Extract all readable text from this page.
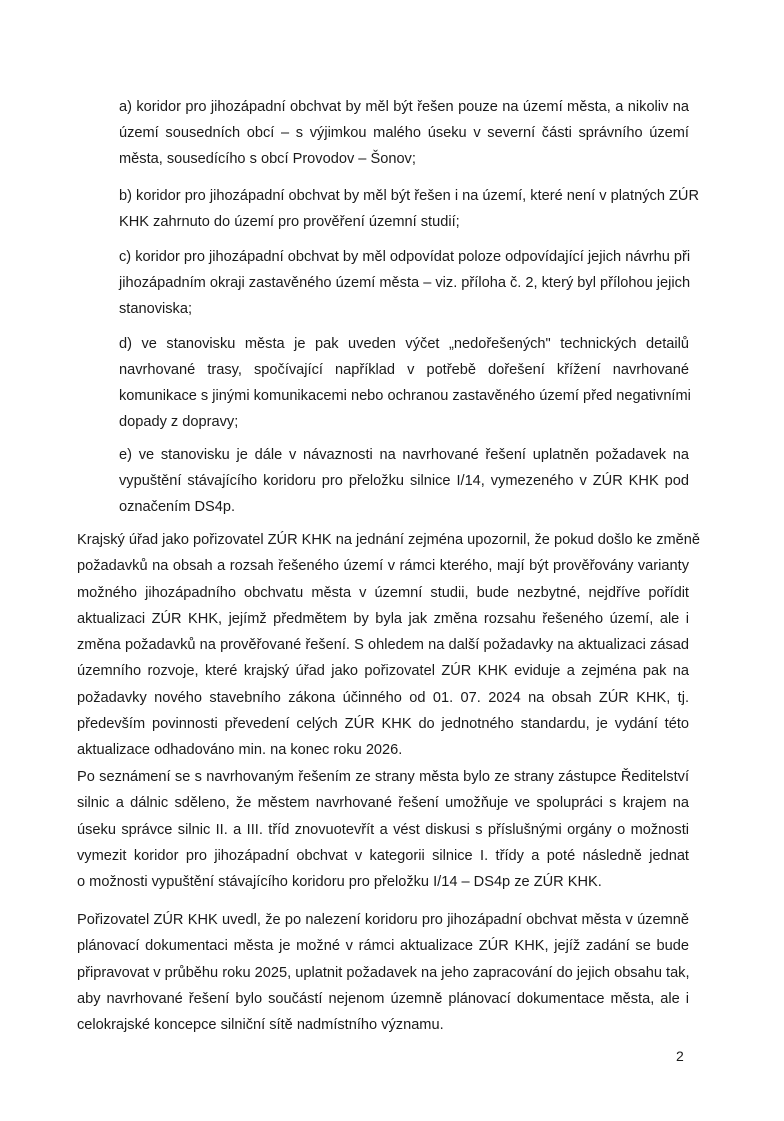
a) koridor pro jihozápadní obchvat by měl být řešen pouze na území města, a nikoliv na
území sousedních obcí – s výjimkou malého úseku v severní části správního území
města, sousedícího s obcí Provodov – Šonov;
b) koridor pro jihozápadní obchvat by měl být řešen i na území, které není v platných ZÚR
KHK zahrnuto do území pro prověření územní studií;
c) koridor pro jihozápadní obchvat by měl odpovídat poloze odpovídající jejich návrhu při
jihozápadním okraji zastavěného území města – viz. příloha č. 2, který byl přílohou jejich
stanoviska;
d) ve stanovisku města je pak uveden výčet „nedořešených" technických detailů
navrhované trasy, spočívající například v potřebě dořešení křížení navrhované
komunikace s jinými komunikacemi nebo ochranou zastavěného území před negativními
dopady z dopravy;
e) ve stanovisku je dále v návaznosti na navrhované řešení uplatněn požadavek na
vypuštění stávajícího koridoru pro přeložku silnice I/14, vymezeného v ZÚR KHK pod
označením DS4p.
Krajský úřad jako pořizovatel ZÚR KHK na jednání zejména upozornil, že pokud došlo ke změně
požadavků na obsah a rozsah řešeného území v rámci kterého, mají být prověřovány varianty
možného jihozápadního obchvatu města v územní studii, bude nezbytné, nejdříve pořídit
aktualizaci ZÚR KHK, jejímž předmětem by byla jak změna rozsahu řešeného území, ale i
změna požadavků na prověřované řešení. S ohledem na další požadavky na aktualizaci zásad
územního rozvoje, které krajský úřad jako pořizovatel ZÚR KHK eviduje a zejména pak na
požadavky nového stavebního zákona účinného od 01. 07. 2024 na obsah ZÚR KHK, tj.
především povinnosti převedení celých ZÚR KHK do jednotného standardu, je vydání této
aktualizace odhadováno min. na konec roku 2026.
Po seznámení se s navrhovaným řešením ze strany města bylo ze strany zástupce Ředitelství
silnic a dálnic sděleno, že městem navrhované řešení umožňuje ve spolupráci s krajem na
úseku správce silnic II. a III. tříd znovuotevřít a vést diskusi s příslušnými orgány o možnosti
vymezit koridor pro jihozápadní obchvat v kategorii silnice I. třídy a poté následně jednat
o možnosti vypuštění stávajícího koridoru pro přeložku I/14 – DS4p ze ZÚR KHK.
Pořizovatel ZÚR KHK uvedl, že po nalezení koridoru pro jihozápadní obchvat města v územně
plánovací dokumentaci města je možné v rámci aktualizace ZÚR KHK, jejíž zadání se bude
připravovat v průběhu roku 2025, uplatnit požadavek na jeho zapracování do jejich obsahu tak,
aby navrhované řešení bylo součástí nejenom územně plánovací dokumentace města, ale i
celokrajské koncepce silniční sítě nadmístního významu.
2
